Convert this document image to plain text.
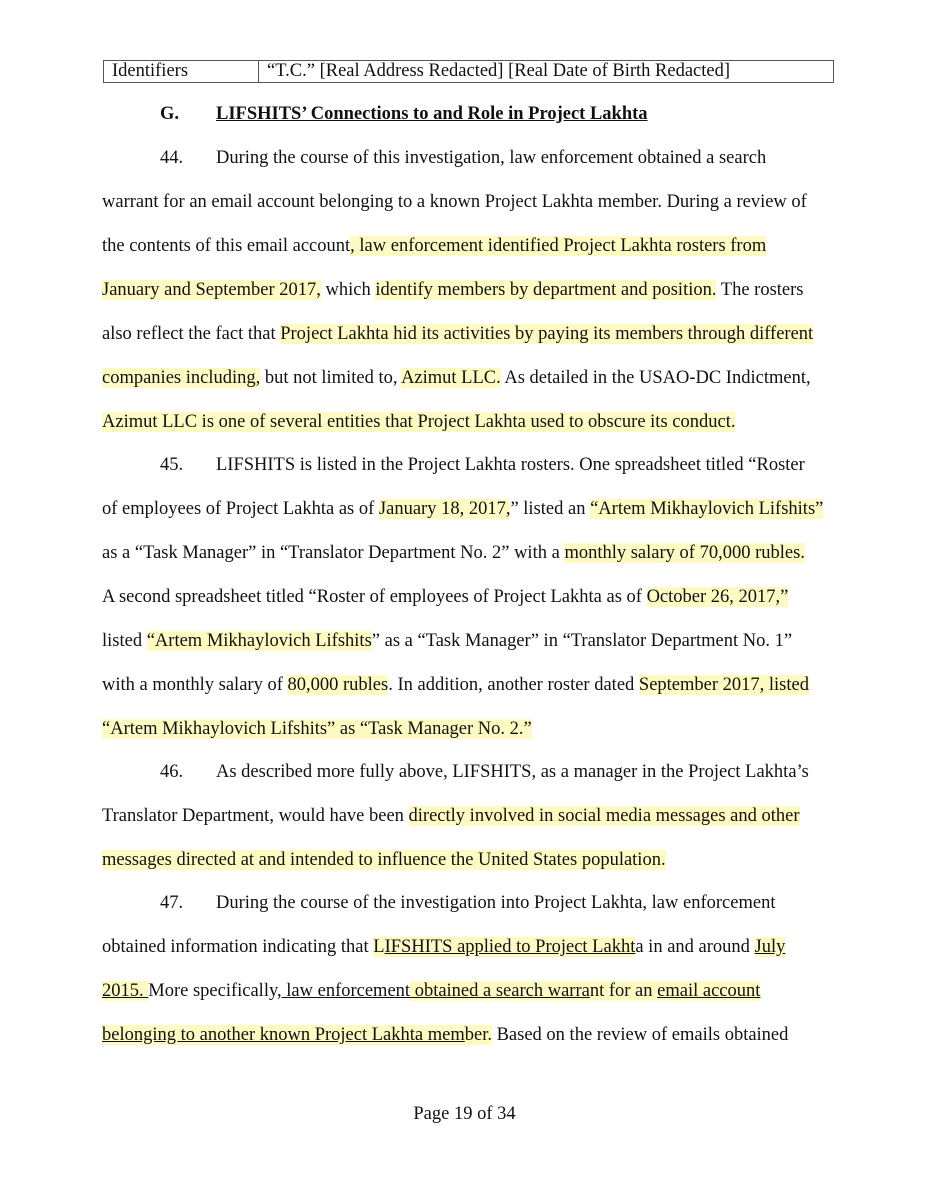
Identifiers	“T.C.” [Real Address Redacted] [Real Date of Birth Redacted]
G. LIFSHITS’ Connections to and Role in Project Lakhta
44. During the course of this investigation, law enforcement obtained a search
warrant for an email account belonging to a known Project Lakhta member. During a review of
the contents of this email account, law enforcement identified Project Lakhta rosters from
January and September 2017, which identify members by department and position. The rosters
also reflect the fact that Project Lakhta hid its activities by paying its members through different
companies including, but not limited to, Azimut LLC. As detailed in the USAO-DC Indictment,
Azimut LLC is one of several entities that Project Lakhta used to obscure its conduct.
45. LIFSHITS is listed in the Project Lakhta rosters. One spreadsheet titled “Roster
of employees of Project Lakhta as of January 18, 2017,” listed an “Artem Mikhaylovich Lifshits”
as a “Task Manager” in “Translator Department No. 2” with a monthly salary of 70,000 rubles.
A second spreadsheet titled “Roster of employees of Project Lakhta as of October 26, 2017,”
listed “Artem Mikhaylovich Lifshits” as a “Task Manager” in “Translator Department No. 1”
with a monthly salary of 80,000 rubles. In addition, another roster dated September 2017, listed
“Artem Mikhaylovich Lifshits” as “Task Manager No. 2.”
46. As described more fully above, LIFSHITS, as a manager in the Project Lakhta’s
Translator Department, would have been directly involved in social media messages and other
messages directed at and intended to influence the United States population.
47. During the course of the investigation into Project Lakhta, law enforcement
obtained information indicating that LIFSHITS applied to Project Lakhta in and around July
2015. More specifically, law enforcement obtained a search warrant for an email account
belonging to another known Project Lakhta member. Based on the review of emails obtained
Page 19 of 34
